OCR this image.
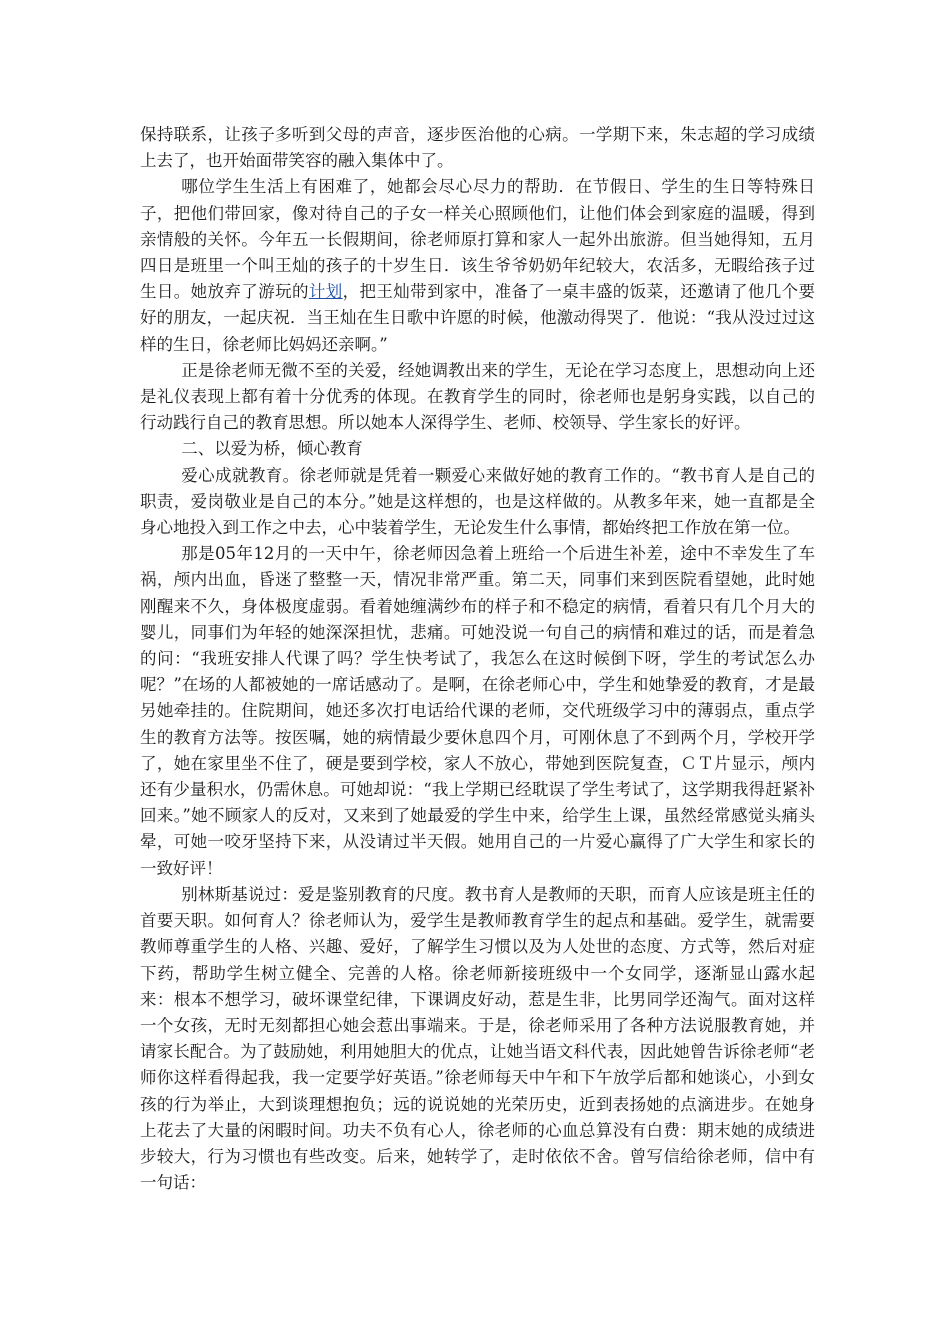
保持联系，让孩子多听到父母的声音，逐步医治他的心病。一学期下来，朱志超的学习成绩上去了，也开始面带笑容的融入集体中了。

哪位学生生活上有困难了，她都会尽心尽力的帮助．在节假日、学生的生日等特殊日子，把他们带回家，像对待自己的子女一样关心照顾他们，让他们体会到家庭的温暖，得到亲情般的关怀。今年五一长假期间，徐老师原打算和家人一起外出旅游。但当她得知，五月四日是班里一个叫王灿的孩子的十岁生日．该生爷爷奶奶年纪较大，农活多，无暇给孩子过生日。她放弃了游玩的计划，把王灿带到家中，准备了一桌丰盛的饭菜，还邀请了他几个要好的朋友，一起庆祝．当王灿在生日歌中许愿的时候，他激动得哭了．他说：“我从没过过这样的生日，徐老师比妈妈还亲啊。”

正是徐老师无微不至的关爱，经她调教出来的学生，无论在学习态度上，思想动向上还是礼仪表现上都有着十分优秀的体现。在教育学生的同时，徐老师也是躬身实践，以自己的行动践行自己的教育思想。所以她本人深得学生、老师、校领导、学生家长的好评。

二、以爱为桥，倾心教育

爱心成就教育。徐老师就是凭着一颗爱心来做好她的教育工作的。“教书育人是自己的职责，爱岗敬业是自己的本分。”她是这样想的，也是这样做的。从教多年来，她一直都是全身心地投入到工作之中去，心中装着学生，无论发生什么事情，都始终把工作放在第一位。

那是05年12月的一天中午，徐老师因急着上班给一个后进生补差，途中不幸发生了车祸，颅内出血，昏迷了整整一天，情况非常严重。第二天，同事们来到医院看望她，此时她刚醒来不久，身体极度虚弱。看着她缠满纱布的样子和不稳定的病情，看着只有几个月大的婴儿，同事们为年轻的她深深担忧，悲痛。可她没说一句自己的病情和难过的话，而是着急的问：“我班安排人代课了吗？学生快考试了，我怎么在这时候倒下呀，学生的考试怎么办呢？”在场的人都被她的一席话感动了。是啊，在徐老师心中，学生和她挚爱的教育，才是最另她牵挂的。住院期间，她还多次打电话给代课的老师，交代班级学习中的薄弱点，重点学生的教育方法等。按医嘱，她的病情最少要休息四个月，可刚休息了不到两个月，学校开学了，她在家里坐不住了，硬是要到学校，家人不放心，带她到医院复查，ＣＴ片显示，颅内还有少量积水，仍需休息。可她却说：“我上学期已经耽误了学生考试了，这学期我得赶紧补回来。”她不顾家人的反对，又来到了她最爱的学生中来，给学生上课，虽然经常感觉头痛头晕，可她一咬牙坚持下来，从没请过半天假。她用自己的一片爱心赢得了广大学生和家长的一致好评！

别林斯基说过：爱是鉴别教育的尺度。教书育人是教师的天职，而育人应该是班主任的首要天职。如何育人？徐老师认为，爱学生是教师教育学生的起点和基础。爱学生，就需要教师尊重学生的人格、兴趣、爱好，了解学生习惯以及为人处世的态度、方式等，然后对症下药，帮助学生树立健全、完善的人格。徐老师新接班级中一个女同学，逐渐显山露水起来：根本不想学习，破坏课堂纪律，下课调皮好动，惹是生非，比男同学还淘气。面对这样一个女孩，无时无刻都担心她会惹出事端来。于是，徐老师采用了各种方法说服教育她，并请家长配合。为了鼓励她，利用她胆大的优点，让她当语文科代表，因此她曾告诉徐老师“老师你这样看得起我，我一定要学好英语。”徐老师每天中午和下午放学后都和她谈心，小到女孩的行为举止，大到谈理想抱负；远的说说她的光荣历史，近到表扬她的点滴进步。在她身上花去了大量的闲暇时间。功夫不负有心人，徐老师的心血总算没有白费：期末她的成绩进步较大，行为习惯也有些改变。后来，她转学了，走时依依不舍。曾写信给徐老师，信中有一句话：
